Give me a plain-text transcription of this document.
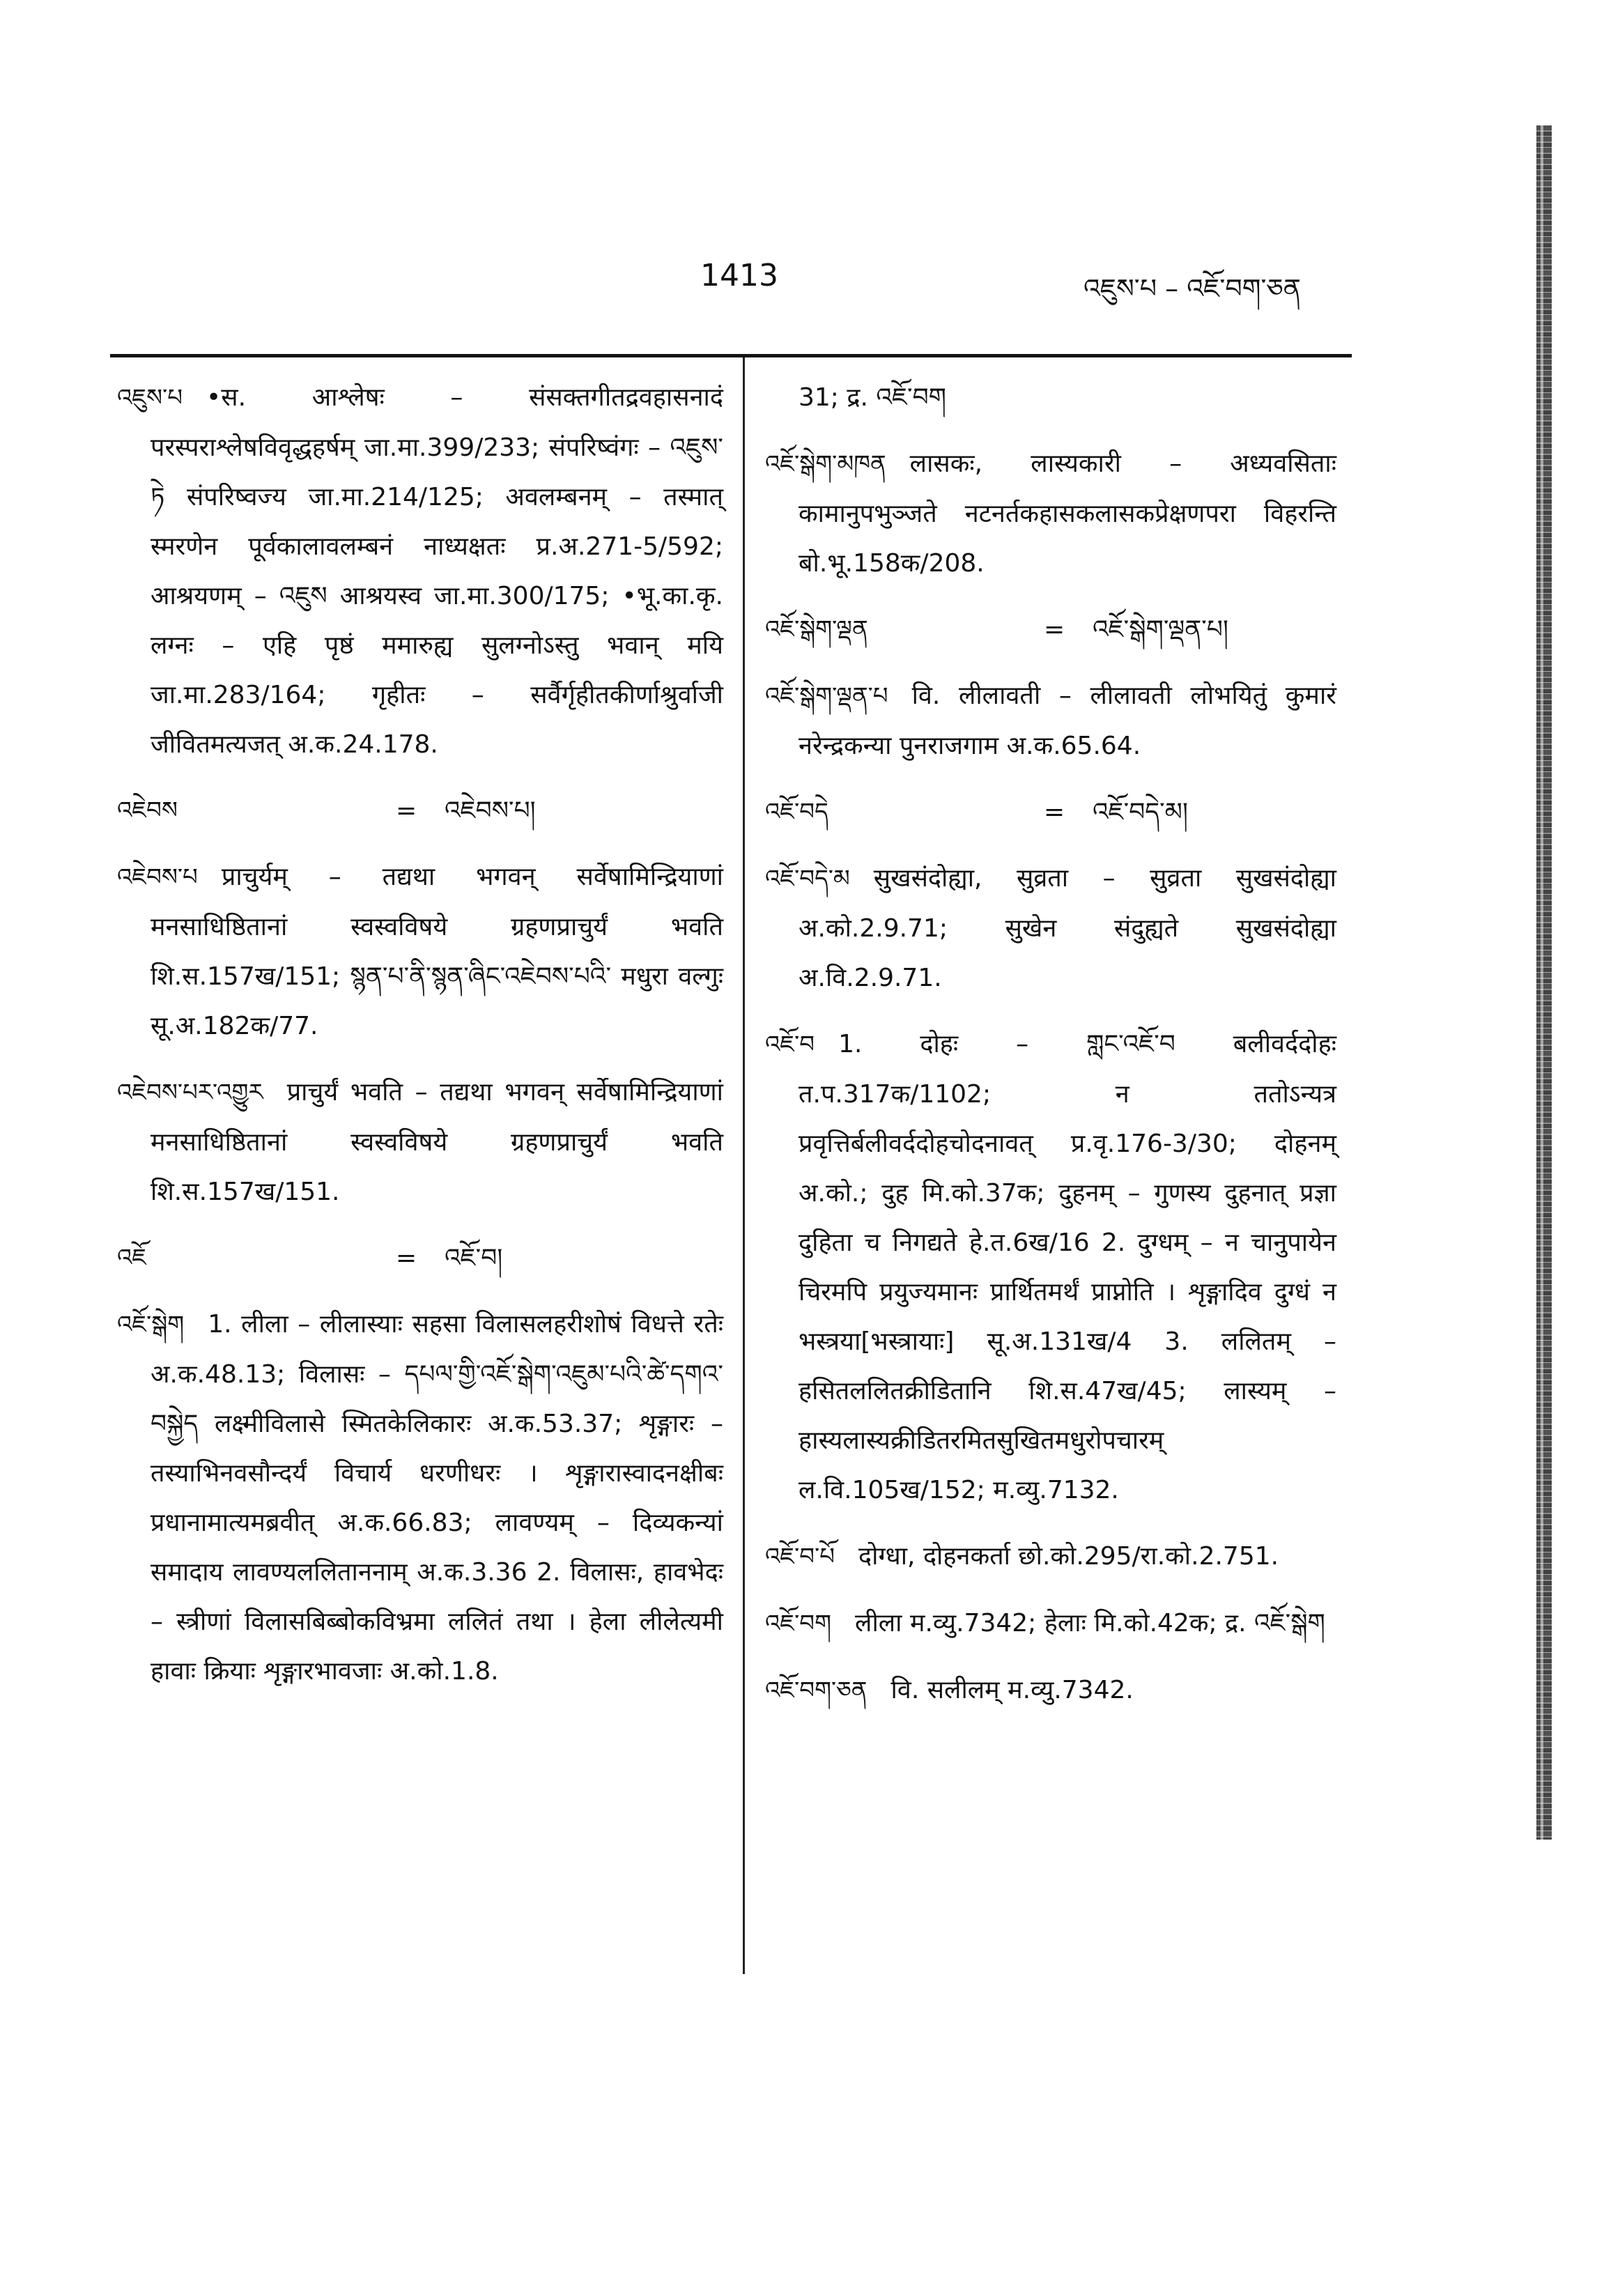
1413	འཇུས་པ – འཇོ་བག་ཅན
འཇུས་པ •स. आश्लेषः – संसक्तगीतद्रवहासनादं परस्पराश्लेषविवृद्धहर्षम् जा.मा.399/233; संपरिष्वंगः – འཇུས་ཏེ संपरिष्वज्य जा.मा.214/125; अवलम्बनम् – तस्मात् स्मरणेन पूर्वकालावलम्बनं नाध्यक्षतः प्र.अ.271-5/592; आश्रयणम् – འཇུས आश्रयस्व जा.मा.300/175; •भू.का.कृ. लग्नः – एहि पृष्ठं ममारुह्य सुलग्नोऽस्तु भवान् मयि जा.मा.283/164; गृहीतः – सर्वैर्गृहीतकीर्णाश्रुर्वाजी जीवितमत्यजत् अ.क.24.178.
འཇེབས	=	འཇེབས་པ།
འཇེབས་པ प्राचुर्यम् – तद्यथा भगवन् सर्वेषामिन्द्रियाणां मनसाधिष्ठितानां स्वस्वविषये ग्रहणप्राचुर्यं भवति शि.स.157ख/151; སྙན་པ་ནི་སྙན་ཞིང་འཇེབས་པའི་ मधुरा वल्गुः सू.अ.182क/77.
འཇེབས་པར་འགྱུར प्राचुर्यं भवति – तद्यथा भगवन् सर्वेषामिन्द्रियाणां मनसाधिष्ठितानां स्वस्वविषये ग्रहणप्राचुर्यं भवति शि.स.157ख/151.
འཇོ	=	འཇོ་བ།
འཇོ་སྒེག 1. लीला – लीलास्याः सहसा विलासलहरीशोषं विधत्ते रतेः अ.क.48.13; विलासः – དཔལ་གྱི་འཇོ་སྒེག་འཇུམ་པའི་ཚེ་དགའ་བསྐྱེད लक्ष्मीविलासे स्मितकेलिकारः अ.क.53.37; शृङ्गारः – तस्याभिनवसौन्दर्यं विचार्य धरणीधरः । शृङ्गारास्वादनक्षीबः प्रधानामात्यमब्रवीत् अ.क.66.83; लावण्यम् – दिव्यकन्यां समादाय लावण्यललिताननाम् अ.क.3.36 2. विलासः, हावभेदः – स्त्रीणां विलासबिब्बोकविभ्रमा ललितं तथा । हेला लीलेत्यमी हावाः क्रियाः शृङ्गारभावजाः अ.को.1.8.
31; द्र. འཇོ་བག
འཇོ་སྒེག་མཁན लासकः, लास्यकारी – अध्यवसिताः कामानुपभुञ्जते नटनर्तकहासकलासकप्रेक्षणपरा विहरन्ति बो.भू.158क/208.
འཇོ་སྒེག་ལྡན	=	འཇོ་སྒེག་ལྡན་པ།
འཇོ་སྒེག་ལྡན་པ वि. लीलावती – लीलावती लोभयितुं कुमारं नरेन्द्रकन्या पुनराजगाम अ.क.65.64.
འཇོ་བདེ	=	འཇོ་བདེ་མ།
འཇོ་བདེ་མ सुखसंदोह्या, सुव्रता – सुव्रता सुखसंदोह्या अ.को.2.9.71; सुखेन संदुह्यते सुखसंदोह्या अ.वि.2.9.71.
འཇོ་བ 1. दोहः – གླང་འཇོ་བ बलीवर्ददोहः त.प.317क/1102; न ततोऽन्यत्र प्रवृत्तिर्बलीवर्ददोहचोदनावत् प्र.वृ.176-3/30; दोहनम् अ.को.; दुह मि.को.37क; दुहनम् – गुणस्य दुहनात् प्रज्ञा दुहिता च निगद्यते हे.त.6ख/16 2. दुग्धम् – न चानुपायेन चिरमपि प्रयुज्यमानः प्रार्थितमर्थं प्राप्नोति । शृङ्गादिव दुग्धं न भस्त्रया[भस्त्रायाः] सू.अ.131ख/4 3. ललितम् – हसितललितक्रीडितानि शि.स.47ख/45; लास्यम् – हास्यलास्यक्रीडितरमितसुखितमधुरोपचारम् ल.वि.105ख/152; म.व्यु.7132.
འཇོ་བ་པོ दोग्धा, दोहनकर्ता छो.को.295/रा.को.2.751.
འཇོ་བག लीला म.व्यु.7342; हेलाः मि.को.42क; द्र. འཇོ་སྒེག
འཇོ་བག་ཅན वि. सलीलम् म.व्यु.7342.
